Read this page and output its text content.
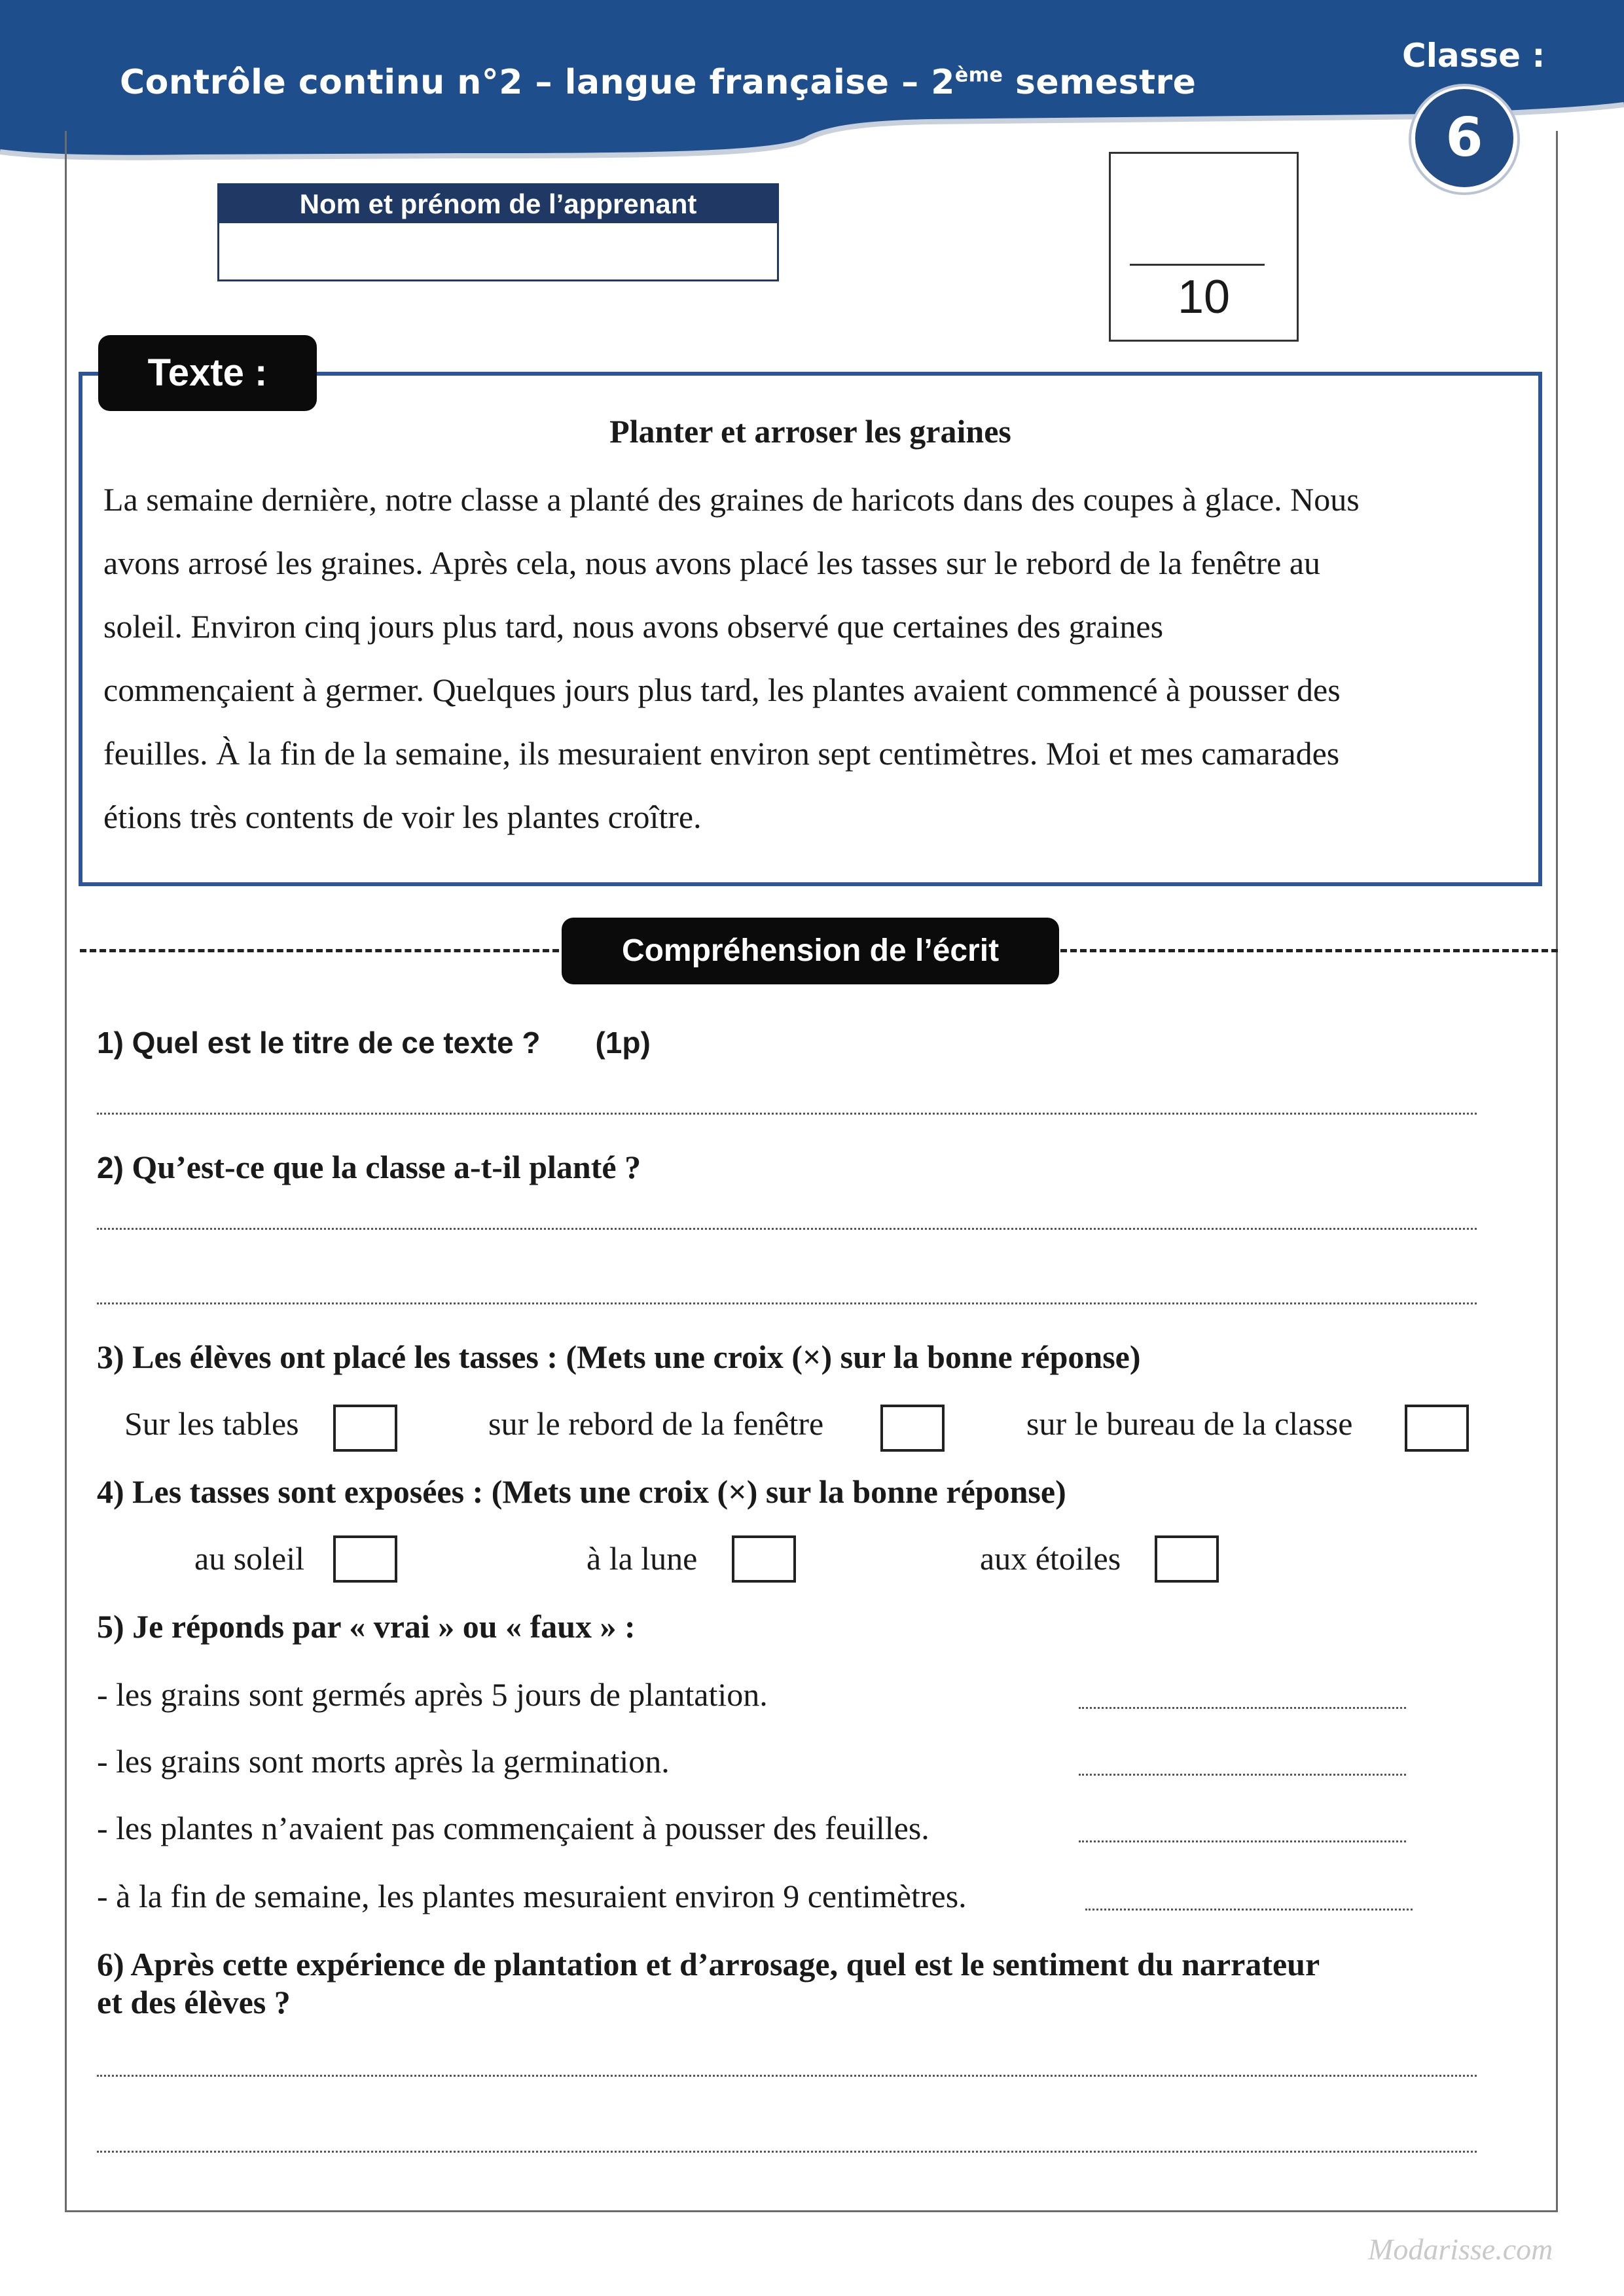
Contrôle continu n°2 – langue française – 2ème semestre
Classe :
6
Nom et prénom de l’apprenant
10
Texte :
Planter et arroser les graines
La semaine dernière, notre classe a planté des graines de haricots dans des coupes à glace. Nous
avons arrosé les graines. Après cela, nous avons placé les tasses sur le rebord de la fenêtre au
soleil. Environ cinq jours plus tard, nous avons observé que certaines des graines
commençaient à germer. Quelques jours plus tard, les plantes avaient commencé à pousser des
feuilles. À la fin de la semaine, ils mesuraient environ sept centimètres. Moi et mes camarades
étions très contents de voir les plantes croître.
Compréhension de l’écrit
1) Quel est le titre de ce texte ? (1p)
2) Qu’est-ce que la classe a-t-il planté ?
3) Les élèves ont placé les tasses : (Mets une croix (×) sur la bonne réponse)
Sur les tables	sur le rebord de la fenêtre	sur le bureau de la classe
4) Les tasses sont exposées : (Mets une croix (×) sur la bonne réponse)
au soleil	à la lune	aux étoiles
5) Je réponds par « vrai » ou « faux » :
- les grains sont germés après 5 jours de plantation.
- les grains sont morts après la germination.
- les plantes n’avaient pas commençaient à pousser des feuilles.
- à la fin de semaine, les plantes mesuraient environ 9 centimètres.
6) Après cette expérience de plantation et d’arrosage, quel est le sentiment du narrateur
et des élèves ?
Modarisse.com
